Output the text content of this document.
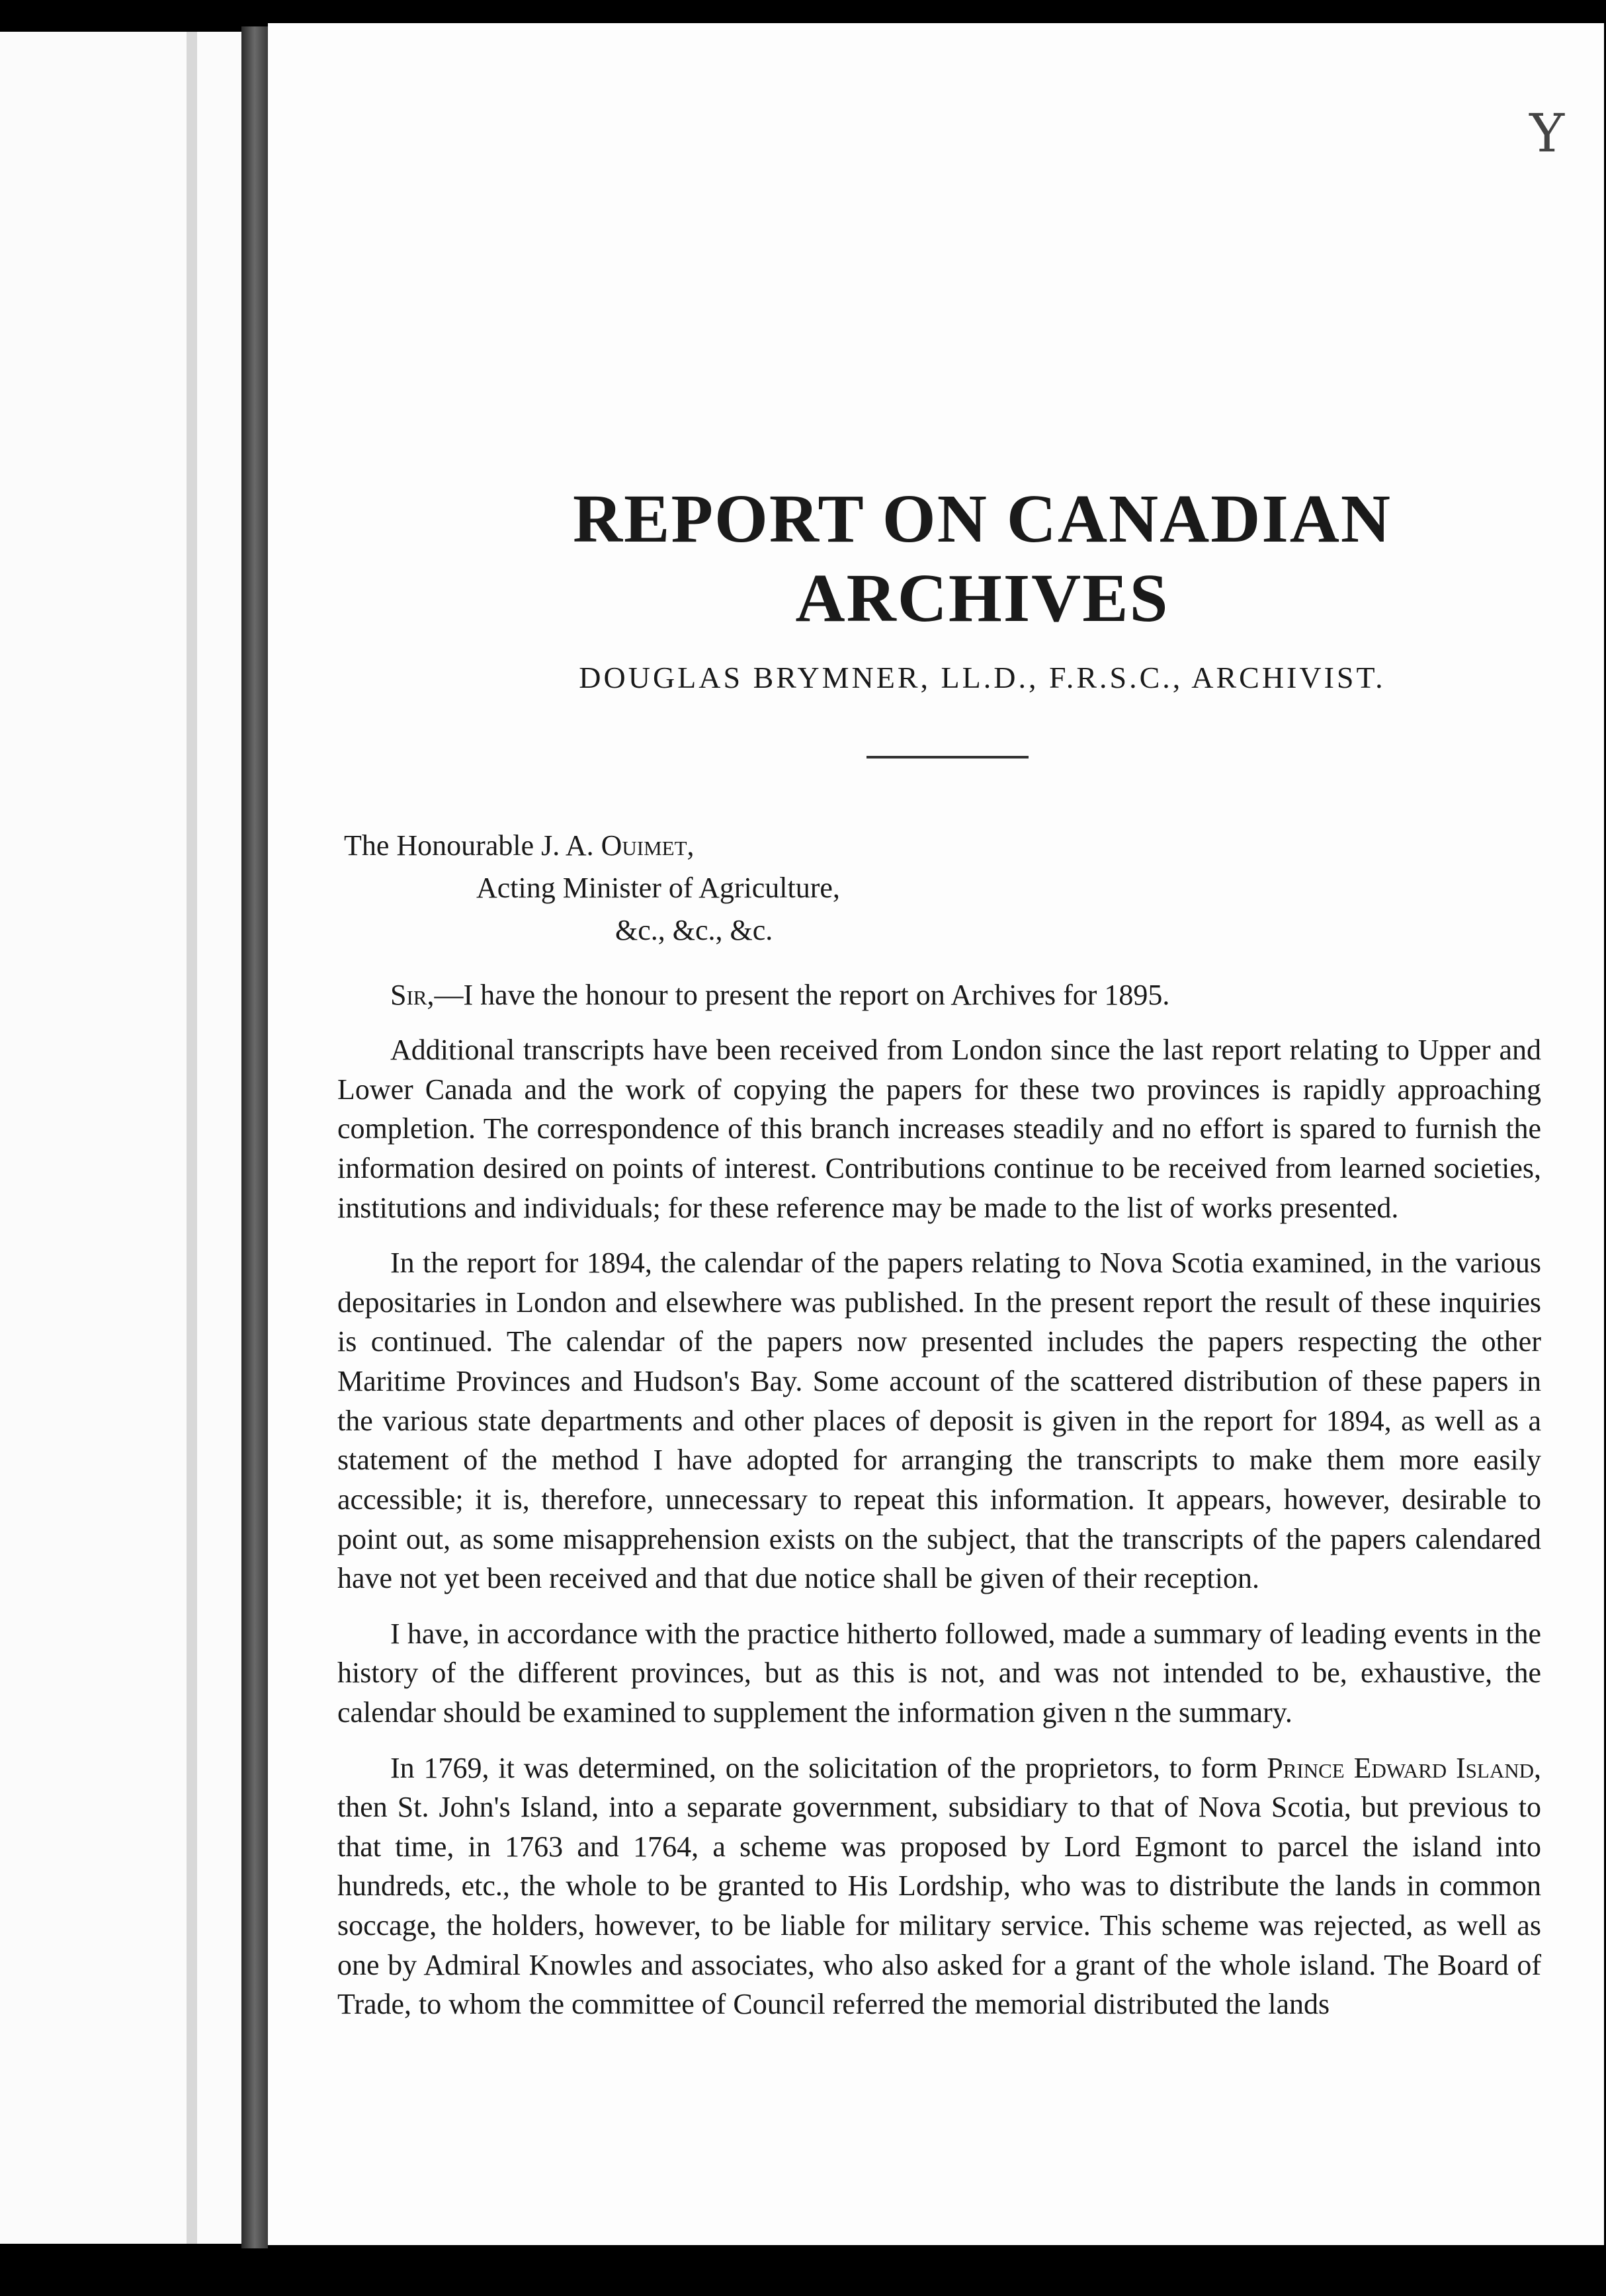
Y
REPORT ON CANADIAN ARCHIVES
DOUGLAS BRYMNER, LL.D., F.R.S.C., ARCHIVIST.
The Honourable J. A. Ouimet,
Acting Minister of Agriculture,
&c., &c., &c.

Sir,—I have the honour to present the report on Archives for 1895.

Additional transcripts have been received from London since the last report relating to Upper and Lower Canada and the work of copying the papers for these two provinces is rapidly approaching completion. The correspondence of this branch increases steadily and no effort is spared to furnish the information desired on points of interest. Contributions continue to be received from learned societies, institutions and individuals; for these reference may be made to the list of works presented.

In the report for 1894, the calendar of the papers relating to Nova Scotia examined, in the various depositaries in London and elsewhere was published. In the present report the result of these inquiries is continued. The calendar of the papers now presented includes the papers respecting the other Maritime Provinces and Hudson's Bay. Some account of the scattered distribution of these papers in the various state departments and other places of deposit is given in the report for 1894, as well as a statement of the method I have adopted for arranging the transcripts to make them more easily accessible; it is, therefore, unnecessary to repeat this information. It appears, however, desirable to point out, as some misapprehension exists on the subject, that the transcripts of the papers calendared have not yet been received and that due notice shall be given of their reception.

I have, in accordance with the practice hitherto followed, made a summary of leading events in the history of the different provinces, but as this is not, and was not intended to be, exhaustive, the calendar should be examined to supplement the information given n the summary.

In 1769, it was determined, on the solicitation of the proprietors, to form Prince Edward Island, then St. John's Island, into a separate government, subsidiary to that of Nova Scotia, but previous to that time, in 1763 and 1764, a scheme was proposed by Lord Egmont to parcel the island into hundreds, etc., the whole to be granted to His Lordship, who was to distribute the lands in common soccage, the holders, however, to be liable for military service. This scheme was rejected, as well as one by Admiral Knowles and associates, who also asked for a grant of the whole island. The Board of Trade, to whom the committee of Council referred the memorial distributed the lands
